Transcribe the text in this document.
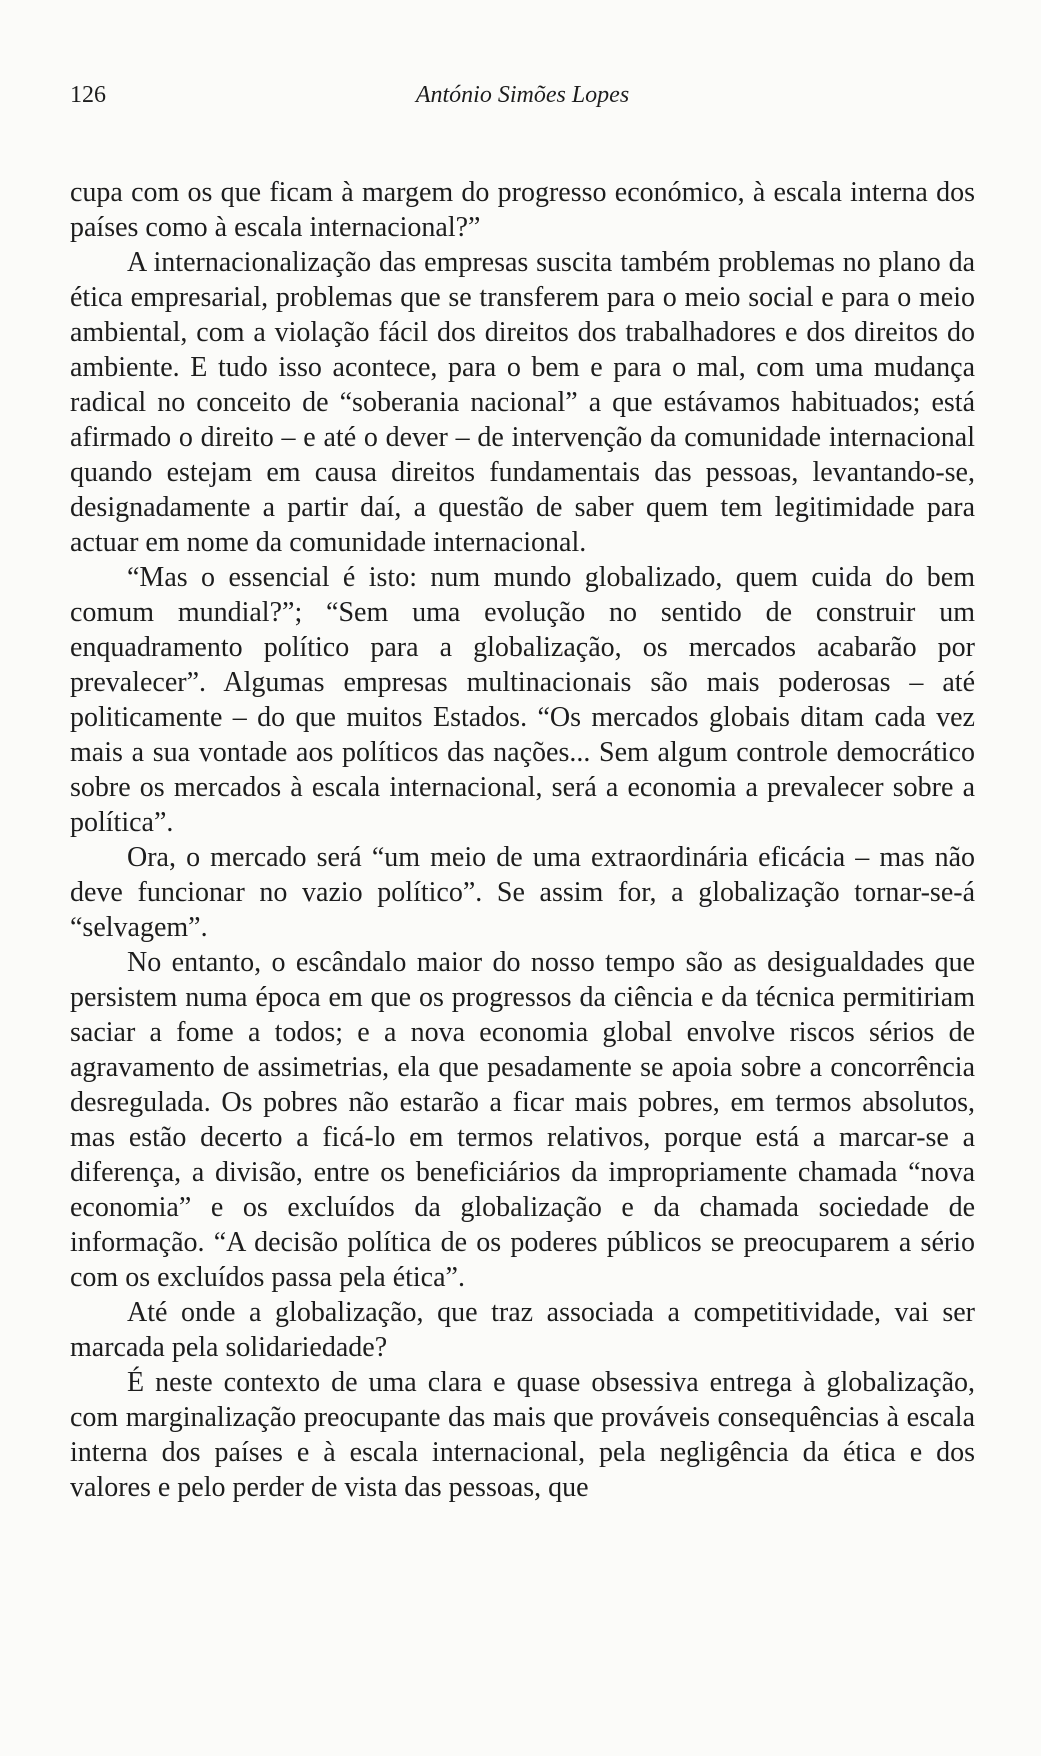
126	António Simões Lopes

cupa com os que ficam à margem do progresso económico, à escala interna dos países como à escala internacional?”

A internacionalização das empresas suscita também problemas no plano da ética empresarial, problemas que se transferem para o meio social e para o meio ambiental, com a violação fácil dos direitos dos trabalhadores e dos direitos do ambiente. E tudo isso acontece, para o bem e para o mal, com uma mudança radical no conceito de “soberania nacional” a que estávamos habituados; está afirmado o direito – e até o dever – de intervenção da comunidade internacional quando estejam em causa direitos fundamentais das pessoas, levantando-se, designadamente a partir daí, a questão de saber quem tem legitimidade para actuar em nome da comunidade internacional.

“Mas o essencial é isto: num mundo globalizado, quem cuida do bem comum mundial?”; “Sem uma evolução no sentido de construir um enquadramento político para a globalização, os mercados acabarão por prevalecer”. Algumas empresas multinacionais são mais poderosas – até politicamente – do que muitos Estados. “Os mercados globais ditam cada vez mais a sua vontade aos políticos das nações... Sem algum controle democrático sobre os mercados à escala internacional, será a economia a prevalecer sobre a política”.

Ora, o mercado será “um meio de uma extraordinária eficácia – mas não deve funcionar no vazio político”. Se assim for, a globalização tornar-se-á “selvagem”.

No entanto, o escândalo maior do nosso tempo são as desigualdades que persistem numa época em que os progressos da ciência e da técnica permitiriam saciar a fome a todos; e a nova economia global envolve riscos sérios de agravamento de assimetrias, ela que pesadamente se apoia sobre a concorrência desregulada. Os pobres não estarão a ficar mais pobres, em termos absolutos, mas estão decerto a ficá-lo em termos relativos, porque está a marcar-se a diferença, a divisão, entre os beneficiários da impropriamente chamada “nova economia” e os excluídos da globalização e da chamada sociedade de informação. “A decisão política de os poderes públicos se preocuparem a sério com os excluídos passa pela ética”.

Até onde a globalização, que traz associada a competitividade, vai ser marcada pela solidariedade?

É neste contexto de uma clara e quase obsessiva entrega à globalização, com marginalização preocupante das mais que prováveis consequências à escala interna dos países e à escala internacional, pela negligência da ética e dos valores e pelo perder de vista das pessoas, que
